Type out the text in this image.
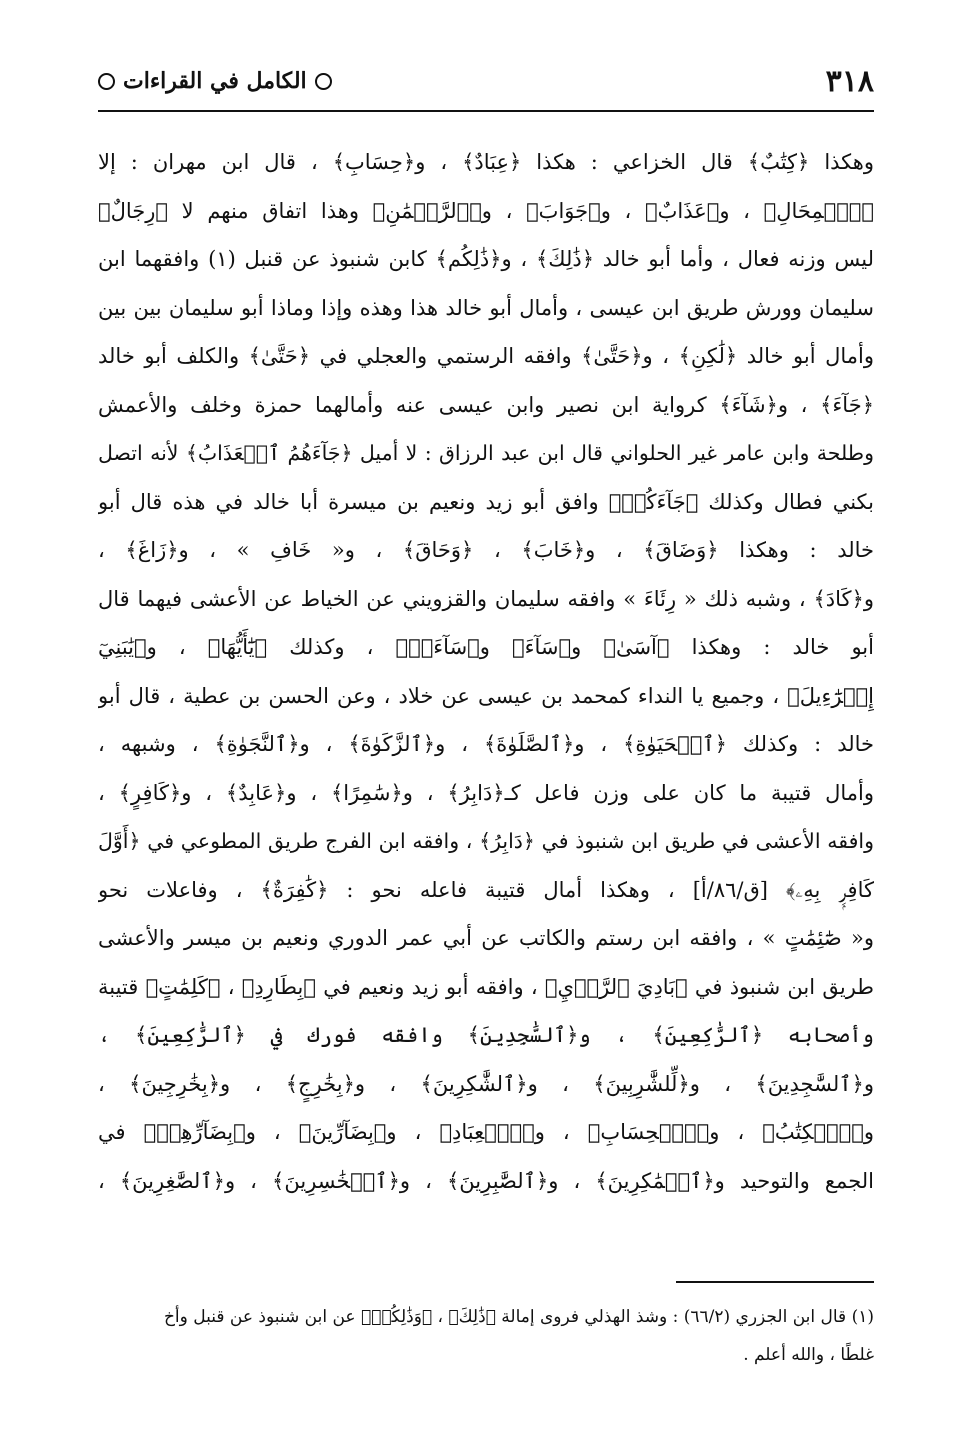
٣١٨
الكامل في القراءات
وهكذا ﴿كِتَٰبٌ﴾ قال الخزاعي : هكذا ﴿عِبَادٌ﴾ ، و﴿حِسَابِ﴾ ، قال ابن مهران : إلا
﴿ٱلۡمِحَالِ﴾ ، و﴿عَذَابٌ﴾ ، و﴿جَوَابَ﴾ ، و﴿ٱلرَّحۡمَٰنِ﴾ وهذا اتفاق منهم لا ﴿رِجَالٌ﴾
ليس وزنه فعال ، وأما أبو خالد ﴿ذَٰلِكَ﴾ ، و﴿ذَٰلِكُم﴾ كابن شنبوذ عن قنبل (١) وافقهما ابن
سليمان وورش طريق ابن عيسى ، وأمال أبو خالد هذا وهذه وإذا وماذا أبو سليمان بين بين
وأمال أبو خالد ﴿لَٰكِنِ﴾ ، و﴿حَتَّىٰ﴾ وافقه الرستمي والعجلي في ﴿حَتَّىٰ﴾ والكلف أبو خالد
﴿جَآءَ﴾ ، و﴿شَآءَ﴾ كرواية ابن نصير وابن عيسى عنه وأمالهما حمزة وخلف والأعمش
وطلحة وابن عامر غير الحلواني قال ابن عبد الرزاق : لا أميل ﴿جَآءَهُمُ ٱلۡعَذَابُ﴾ لأنه اتصل
بكني فطال وكذلك ﴿جَآءَكُمۡ﴾ وافق أبو زيد ونعيم بن ميسرة أبا خالد في هذه قال أبو
خالد : وهكذا ﴿وَضَاقَ﴾ ، و﴿خَابَ﴾ ، ﴿وَحَاقَ﴾ ، و« خَافِ » ، و﴿زَاغَ﴾ ،
و﴿كَادَ﴾ ، وشبه ذلك « رِئَاءَ » وافقه سليمان والقزويني عن الخياط عن الأعشى فيهما قال
أبو خالد : وهكذا ﴿آسَىٰ﴾ و﴿سَآءَ﴾ و﴿سَآءَتۡ﴾ ، وكذلك ﴿يَٰٓأَيُّهَا﴾ ، و﴿يَٰبَنِيٓ
إِسۡرَٰٓءِيلَ﴾ ، وجميع يا النداء كمحمد بن عيسى عن خلاد ، وعن الحسن بن عطية ، قال أبو
خالد : وكذلك ﴿ٱلۡحَيَوٰةِ﴾ ، و﴿ٱلصَّلَوٰةَ﴾ ، و﴿ٱلزَّكَوٰةَ﴾ ، و﴿ٱلنَّجَوٰةِ﴾ ، وشبهه ،
وأمال قتيبة ما كان على وزن فاعل كـ﴿دَابِرُ﴾ ، و﴿سَٰمِرًا﴾ ، و﴿عَابِدٌ﴾ ، و﴿كَافِرٍ﴾ ،
وافقه الأعشى في طريق ابن شنبوذ في ﴿دَابِرُ﴾ ، وافقه ابن الفرج طريق المطوعي في ﴿أَوَّلَ
كَافِرِۭ بِهِۦ﴾ [ق/٨٦/أ] ، وهكذا أمال قتيبة فاعله نحو : ﴿كَٰفِرَةٌ﴾ ، وفاعلات نحو
و« صَٰٓئِمَٰتٍ » ، وافقه ابن رستم والكاتب عن أبي عمر الدوري ونعيم بن ميسر والأعشى
طريق ابن شنبوذ في ﴿بَادِيَ ٱلرَّأۡيِ﴾ ، وافقه أبو زيد ونعيم في ﴿بِطَارِدِ﴾ ، ﴿كَلِمَٰتٍ﴾ قتيبة
وأصحابه ﴿ٱلرَّٰكِعِينَ﴾ ، و﴿ٱلسَّٰجِدِينَ﴾ وافقه فورك في ﴿ٱلرَّٰكِعِينَ﴾ ،
و﴿ٱلسَّٰجِدِينَ﴾ ، و﴿لِّلشَّٰرِبِينَ﴾ ، و﴿ٱلشَّٰكِرِينَ﴾ ، و﴿بِخَٰرِجٍ﴾ ، و﴿بِخَٰرِجِينَ﴾ ،
و﴿ٱلۡكِتَٰبُ﴾ ، و﴿ٱلۡحِسَابِ﴾ ، و﴿ٱلۡعِبَادِ﴾ ، و﴿بِضَآرِّينَ﴾ ، و﴿بِضَآرِّهِمۡ﴾ في
الجمع والتوحيد و﴿ٱلۡمَٰكِرِينَ﴾ ، و﴿ٱلصَّٰبِرِينَ﴾ ، و﴿ٱلۡخَٰسِرِينَ﴾ ، و﴿ٱلصَّٰغِرِينَ﴾ ،
(١) قال ابن الجزري (٦٦/٢) : وشذ الهذلي فروى إمالة ﴿ذَٰلِكَ﴾ ، ﴿وَذَٰلِكُمۡ﴾ عن ابن شنبوذ عن قنبل وأخ
غلطًا ، والله أعلم .
